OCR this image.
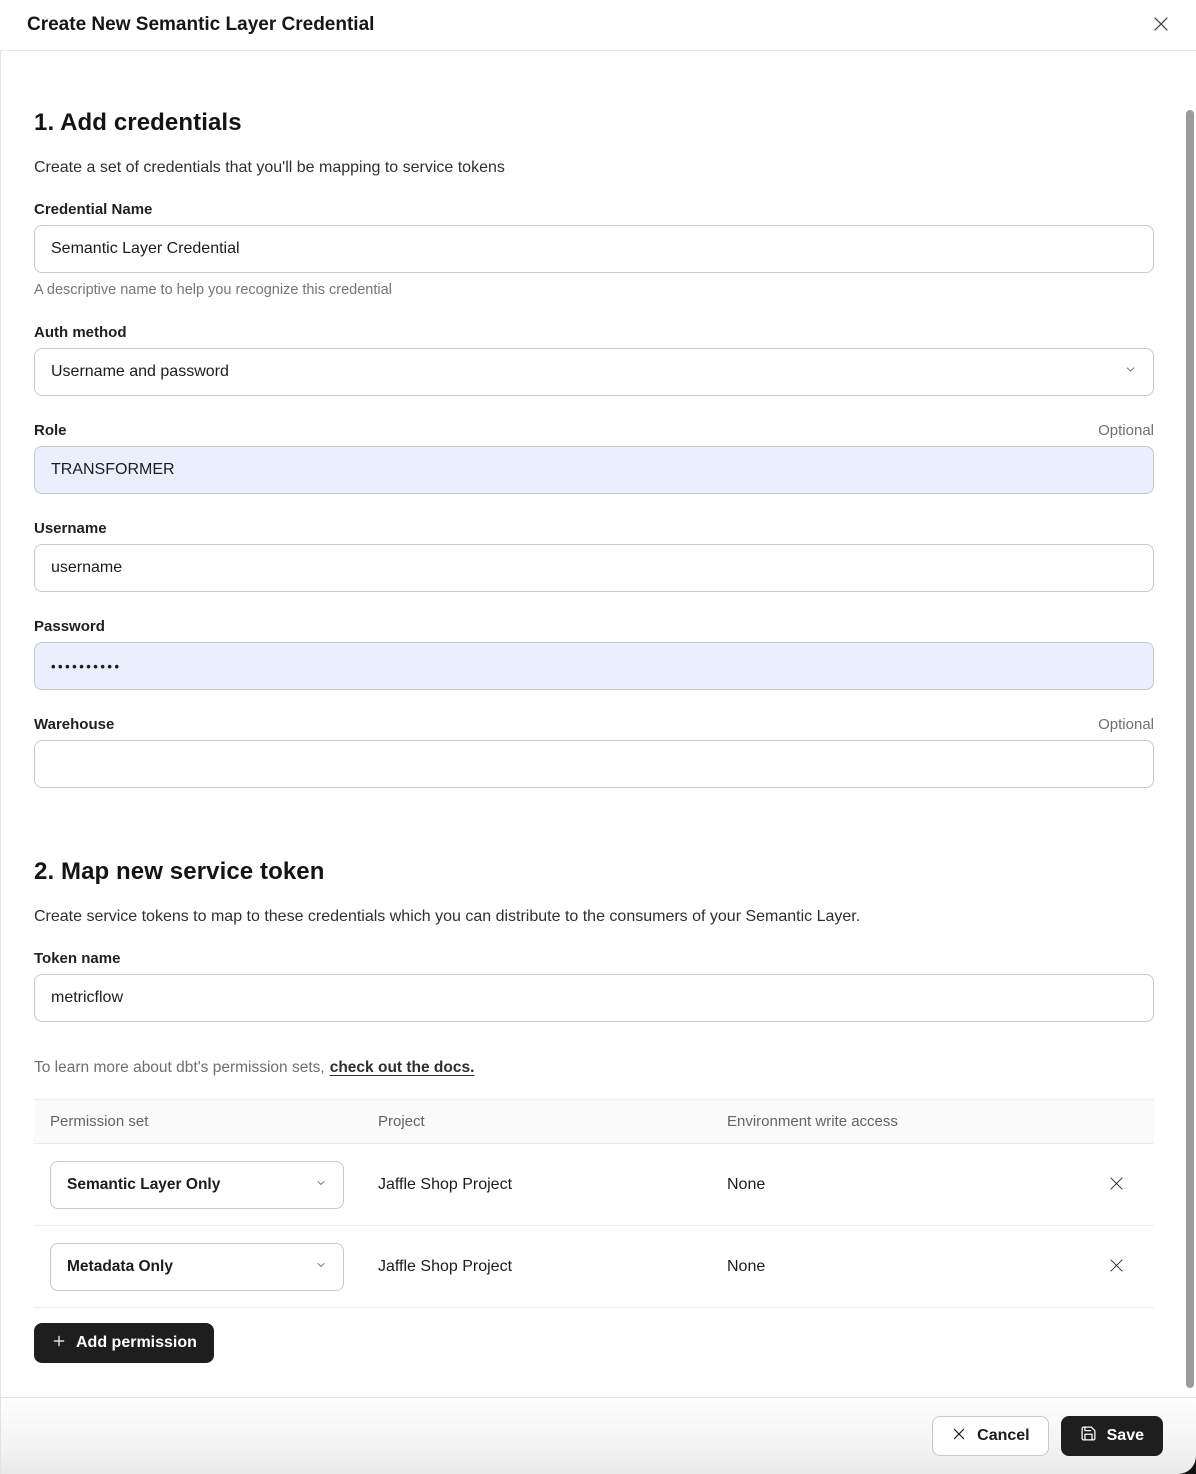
Create New Semantic Layer Credential
1. Add credentials

Create a set of credentials that you'll be mapping to service tokens

Credential Name
Semantic Layer Credential

A descriptive name to help you recognize this credential

Auth method
Username and password
Role	Optional
TRANSFORMER
Username
username
Password
••••••••••
Warehouse	Optional
2. Map new service token

Create service tokens to map to these credentials which you can distribute to the consumers of your Semantic Layer.

Token name
metricflow

To learn more about dbt's permission sets, check out the docs.

Permission set	Project	Environment write access
Semantic Layer Only	Jaffle Shop Project	None
Metadata Only	Jaffle Shop Project	None
Add permission
Cancel	Save
